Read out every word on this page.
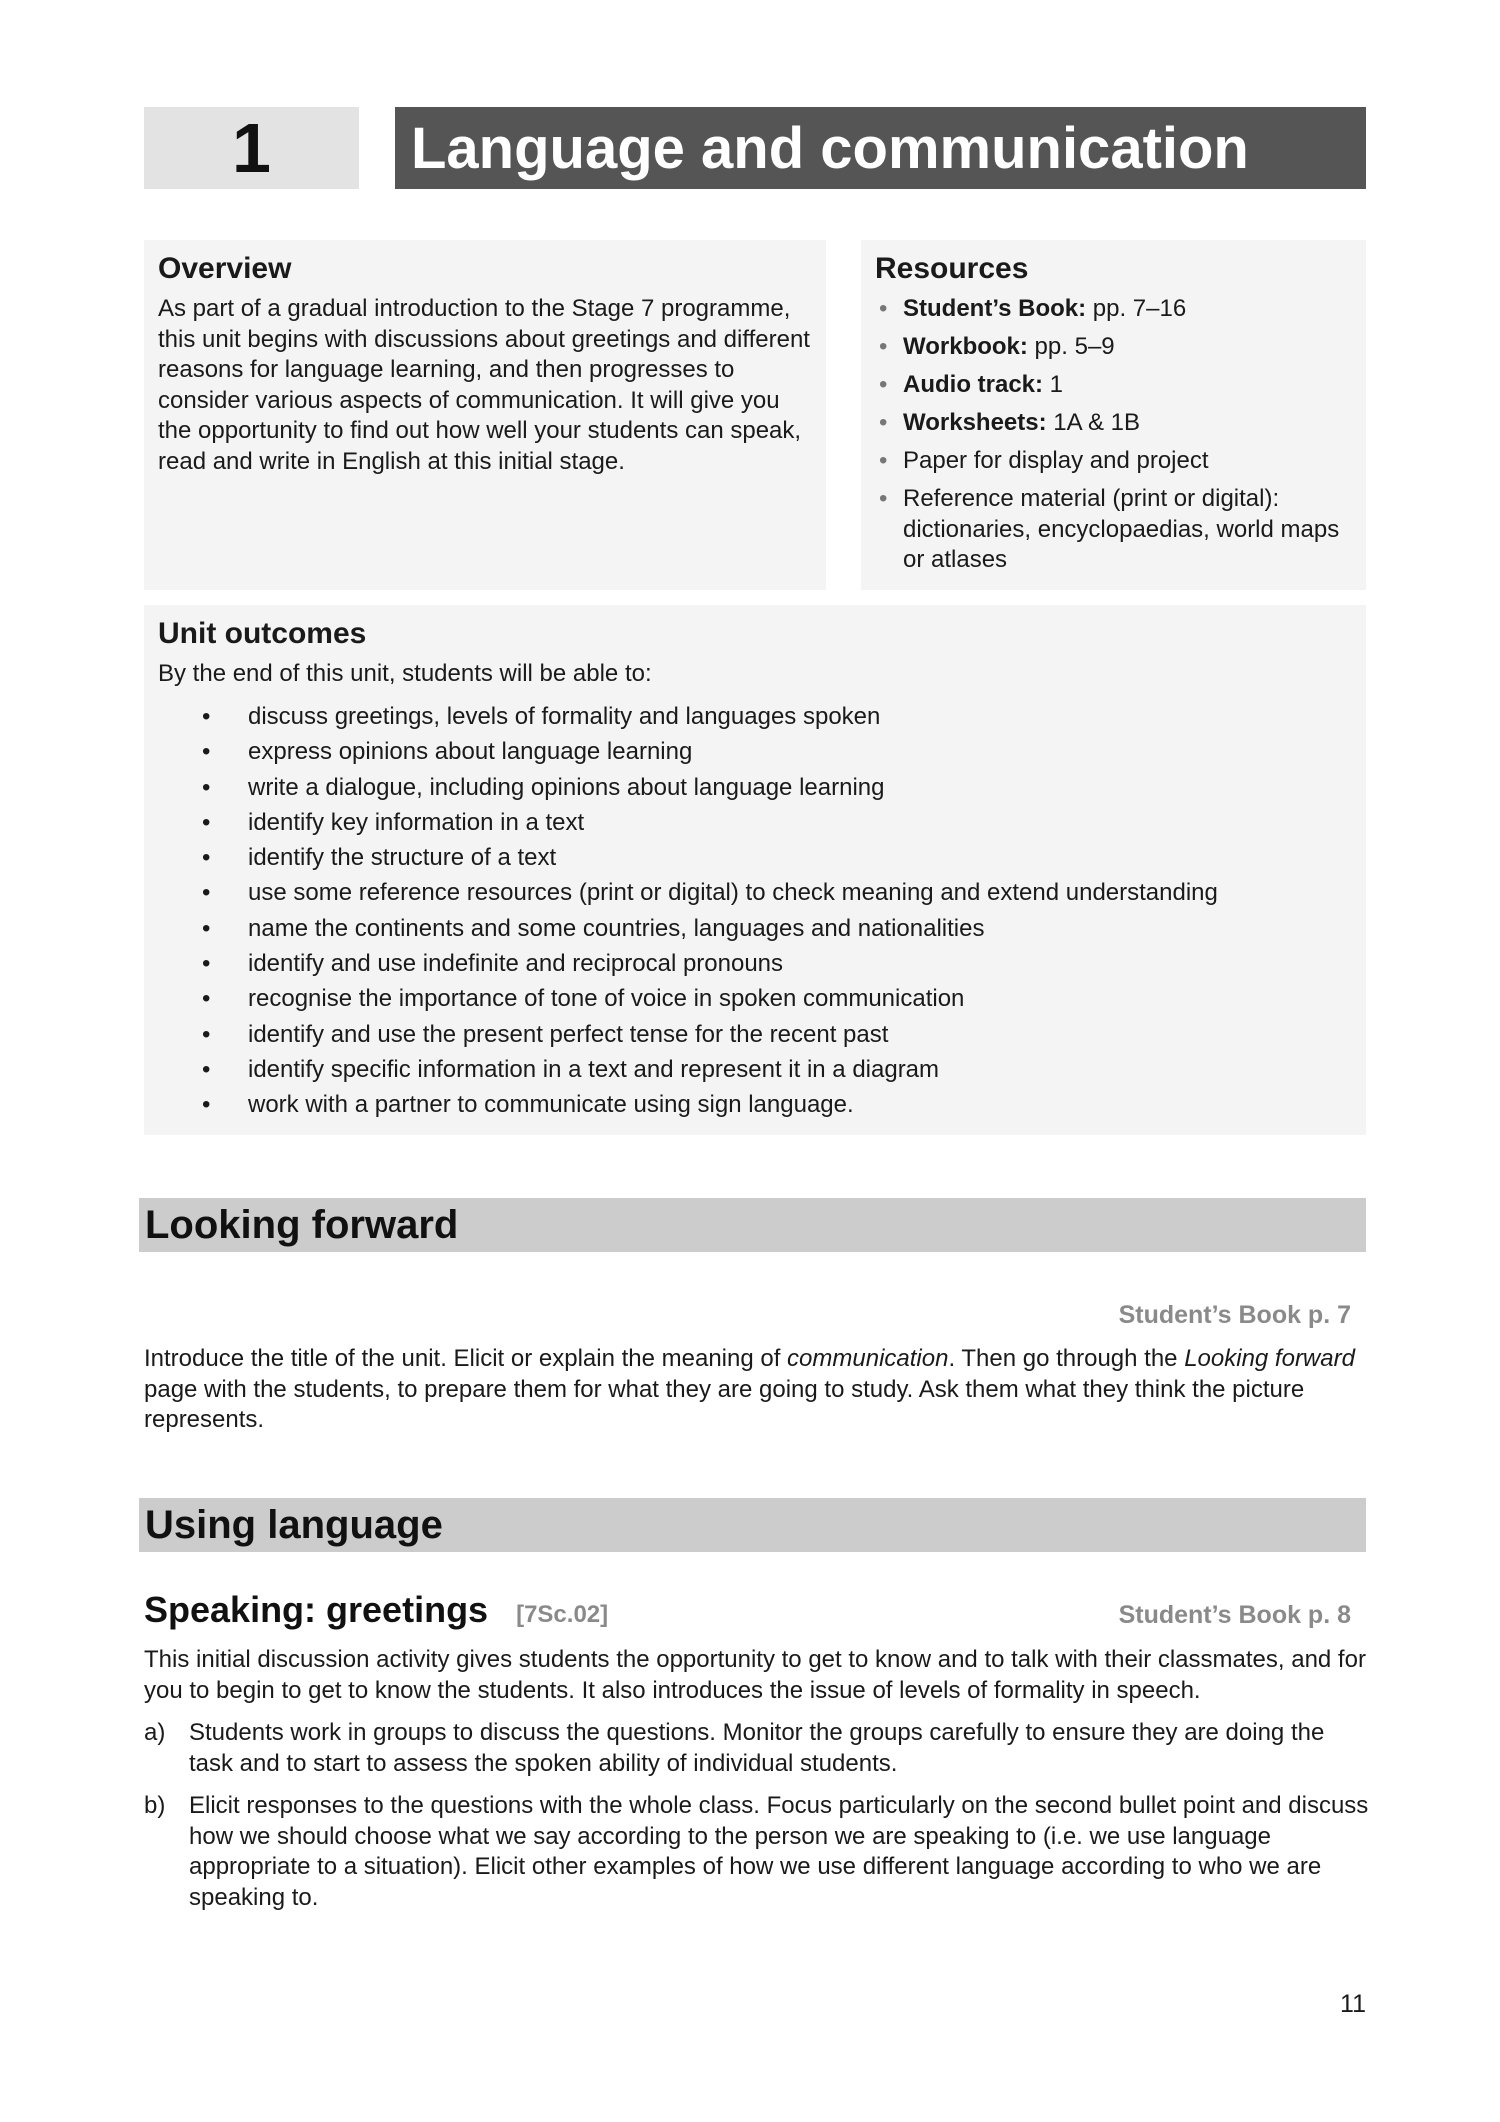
1	Language and communication
Overview
As part of a gradual introduction to the Stage 7 programme, this unit begins with discussions about greetings and different reasons for language learning, and then progresses to consider various aspects of communication. It will give you the opportunity to find out how well your students can speak, read and write in English at this initial stage.
Resources
• Student’s Book: pp. 7–16
• Workbook: pp. 5–9
• Audio track: 1
• Worksheets: 1A & 1B
• Paper for display and project
• Reference material (print or digital): dictionaries, encyclopaedias, world maps or atlases
Unit outcomes
By the end of this unit, students will be able to:
• discuss greetings, levels of formality and languages spoken
• express opinions about language learning
• write a dialogue, including opinions about language learning
• identify key information in a text
• identify the structure of a text
• use some reference resources (print or digital) to check meaning and extend understanding
• name the continents and some countries, languages and nationalities
• identify and use indefinite and reciprocal pronouns
• recognise the importance of tone of voice in spoken communication
• identify and use the present perfect tense for the recent past
• identify specific information in a text and represent it in a diagram
• work with a partner to communicate using sign language.
Looking forward
Student’s Book p. 7
Introduce the title of the unit. Elicit or explain the meaning of communication. Then go through the Looking forward page with the students, to prepare them for what they are going to study. Ask them what they think the picture represents.
Using language
Speaking: greetings [7Sc.02]	Student’s Book p. 8
This initial discussion activity gives students the opportunity to get to know and to talk with their classmates, and for you to begin to get to know the students. It also introduces the issue of levels of formality in speech.
a) Students work in groups to discuss the questions. Monitor the groups carefully to ensure they are doing the task and to start to assess the spoken ability of individual students.
b) Elicit responses to the questions with the whole class. Focus particularly on the second bullet point and discuss how we should choose what we say according to the person we are speaking to (i.e. we use language appropriate to a situation). Elicit other examples of how we use different language according to who we are speaking to.
11
